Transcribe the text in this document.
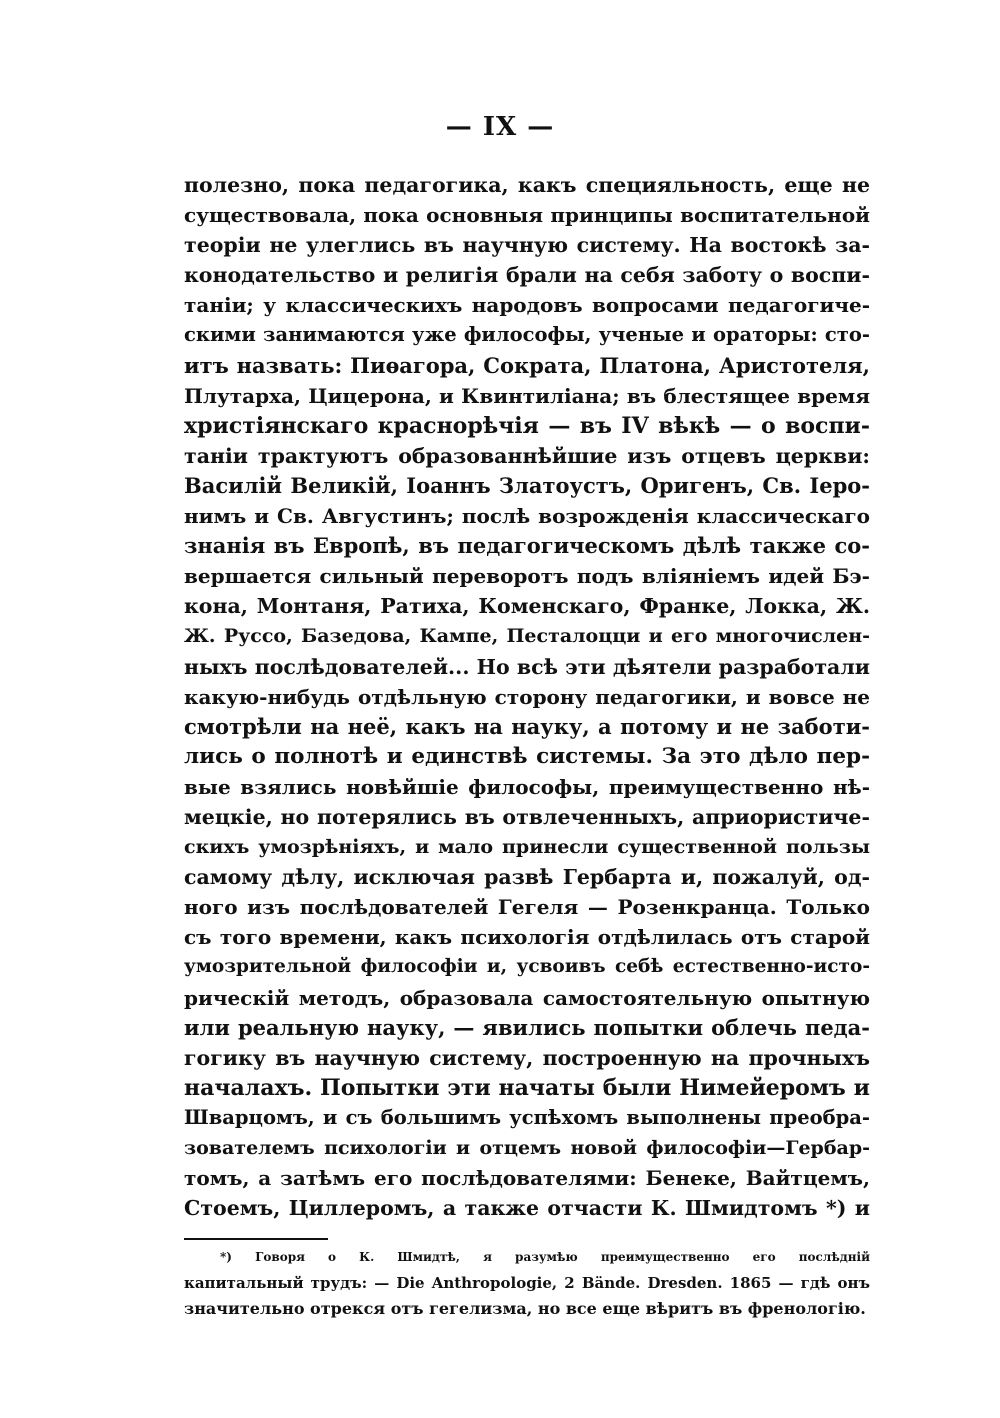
— IX —
полезно, пока педагогика, какъ специяльность, еще не
существовала, пока основныя принципы воспитательной
теорiи не улеглись въ научную систему. На востокѣ за-
конодательство и религiя брали на себя заботу о воспи-
танiи; у классическихъ народовъ вопросами педагогиче-
скими занимаются уже философы, ученые и ораторы: сто-
итъ назвать: Пиѳагора, Сократа, Платона, Аристотеля,
Плутарха, Цицерона, и Квинтилiана; въ блестящее время
христiянскаго краснорѣчiя — въ IV вѣкѣ — о воспи-
танiи трактуютъ образованнѣйшие изъ отцевъ церкви:
Василiй Великiй, Iоаннъ Златоустъ, Оригенъ, Св. Iеро-
нимъ и Св. Августинъ; послѣ возрожденiя классическаго
знанiя въ Европѣ, въ педагогическомъ дѣлѣ также со-
вершается сильный переворотъ подъ влiянiемъ идей Бэ-
кона, Монтаня, Ратиха, Коменскаго, Франке, Локка, Ж.
Ж. Руссо, Базедова, Кампе, Песталоцци и его многочислен-
ныхъ послѣдователей... Но всѣ эти дѣятели разработали
какую-нибудь отдѣльную сторону педагогики, и вовсе не
смотрѣли на неё, какъ на науку, а потому и не заботи-
лись о полнотѣ и единствѣ системы. За это дѣло пер-
вые взялись новѣйшiе философы, преимущественно нѣ-
мецкiе, но потерялись въ отвлеченныхъ, априористиче-
скихъ умозрѣнiяхъ, и мало принесли существенной пользы
самому дѣлу, исключая развѣ Гербарта и, пожалуй, од-
ного изъ послѣдователей Гегеля — Розенкранца. Только
съ того времени, какъ психологiя отдѣлилась отъ старой
умозрительной философiи и, усвоивъ себѣ естественно-истo-
рическiй методъ, образовала самостоятельную опытную
или реальную науку, — явились попытки облечь педа-
гогику въ научную систему, построенную на прочныхъ
началахъ. Попытки эти начаты были Нимейеромъ и
Шварцомъ, и съ большимъ успѣхомъ выполнены преобра-
зователемъ психологiи и отцемъ новой философiи—Гербар-
томъ, а затѣмъ его послѣдователями: Бенеке, Вайтцемъ,
Стоемъ, Циллеромъ, а также отчасти К. Шмидтомъ *) и
*) Говоря о К. Шмидтѣ, я разумѣю преимущественно его послѣднiй
капитальный трудъ: — Die Anthropologie, 2 Bände. Dresden. 1865 — гдѣ онъ
значительно отрекся отъ гегелизма, но все еще вѣритъ въ френологiю.
